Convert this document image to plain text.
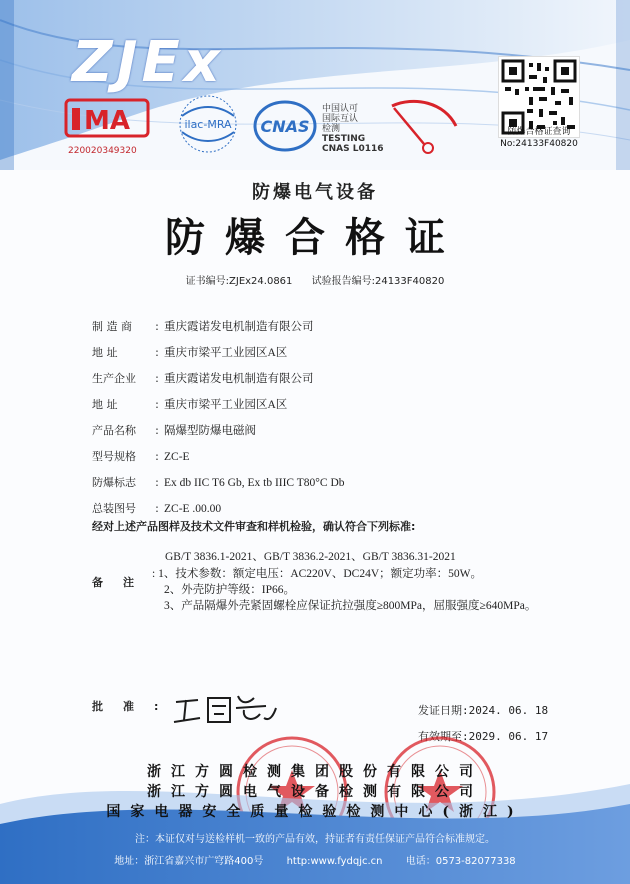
ZJEx
MA
220020349320
ilac-MRA CNAS
中国认可
国际互认
检测
TESTING
CNAS L0116
防爆合格证查询
No:24133F40820
防爆电气设备
防爆合格证
证书编号:ZJEx24.0861 试验报告编号:24133F40820
制 造 商 : 重庆霞诺发电机制造有限公司
地 址	: 重庆市梁平工业园区A区
生产企业 : 重庆霞诺发电机制造有限公司
地 址	: 重庆市梁平工业园区A区
产品名称 : 隔爆型防爆电磁阀
型号规格 : ZC-E
防爆标志 : Ex db IIC T6 Gb, Ex tb IIIC T80°C Db
总装图号 : ZC-E .00.00
经对上述产品图样及技术文件审查和样机检验，确认符合下列标准:
GB/T 3836.1-2021、GB/T 3836.2-2021、GB/T 3836.31-2021
备注
: 1、技术参数：额定电压：AC220V、DC24V；额定功率：50W。
2、外壳防护等级：IP66。
3、产品隔爆外壳紧固螺栓应保证抗拉强度≥800MPa，屈服强度≥640MPa。
批准:	发证日期:2024. 06. 18
有效期至:2029. 06. 17
浙江方圆检测集团股份有限公司
浙江方圆电气设备检测有限公司
国家电器安全质量检验检测中心(浙江)
注：本证仅对与送检样机一致的产品有效，持证者有责任保证产品符合标准规定。
地址：浙江省嘉兴市广穹路400号 http:www.fydqjc.cn 电话：0573-82077338
